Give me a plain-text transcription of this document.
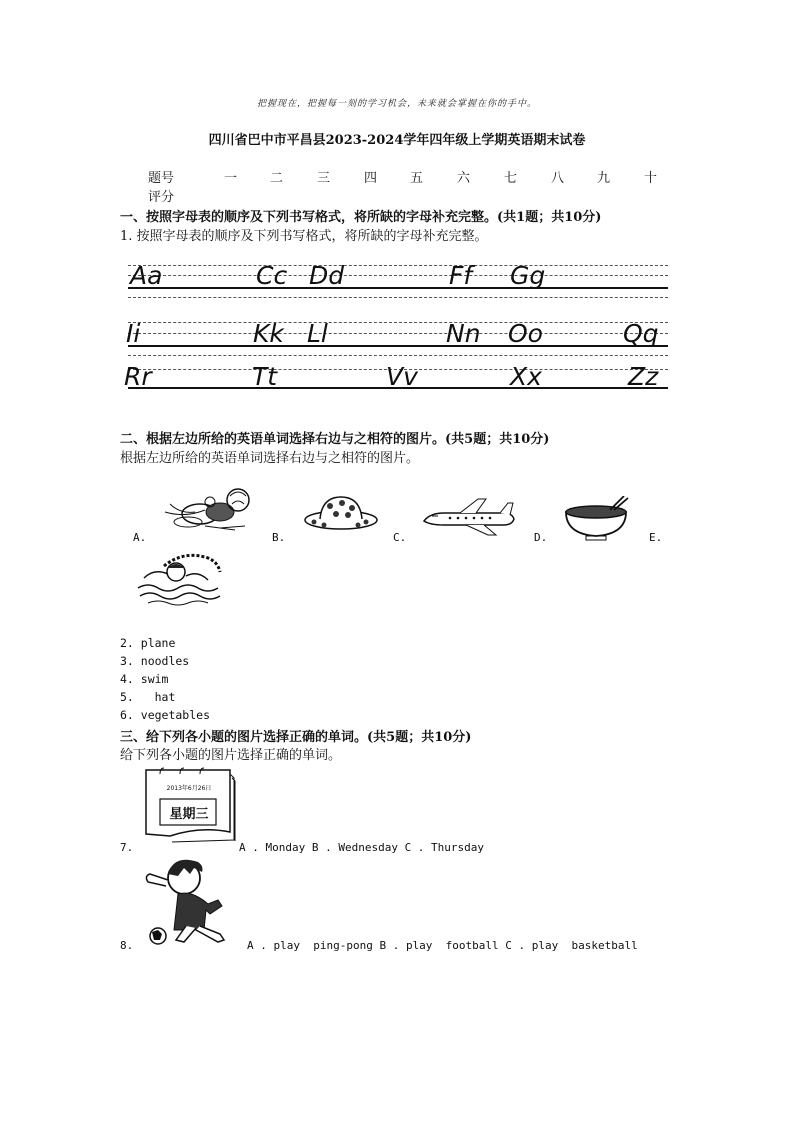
把握现在，把握每一刻的学习机会，未来就会掌握在你的手中。
四川省巴中市平昌县2023-2024学年四年级上学期英语期末试卷
题号	一	二	三	四	五	六	七	八	九	十
评分
一、按照字母表的顺序及下列书写格式，将所缺的字母补充完整。(共1题；共10分)
1. 按照字母表的顺序及下列书写格式，将所缺的字母补充完整。
Aa	Cc Dd	Ff Gg
Ii	Kk Ll	Nn Oo	Qq
Rr	Tt	Vv	Xx	Zz
二、根据左边所给的英语单词选择右边与之相符的图片。(共5题；共10分)
根据左边所给的英语单词选择右边与之相符的图片。
A.	B.	C.	D.	E.
2. plane
3. noodles
4. swim
5.   hat
6. vegetables
三、给下列各小题的图片选择正确的单词。(共5题；共10分)
给下列各小题的图片选择正确的单词。
2013年6月26日
星期三
7.	A . Monday B . Wednesday C . Thursday
8.	A . play  ping-pong B . play  football C . play  basketball
